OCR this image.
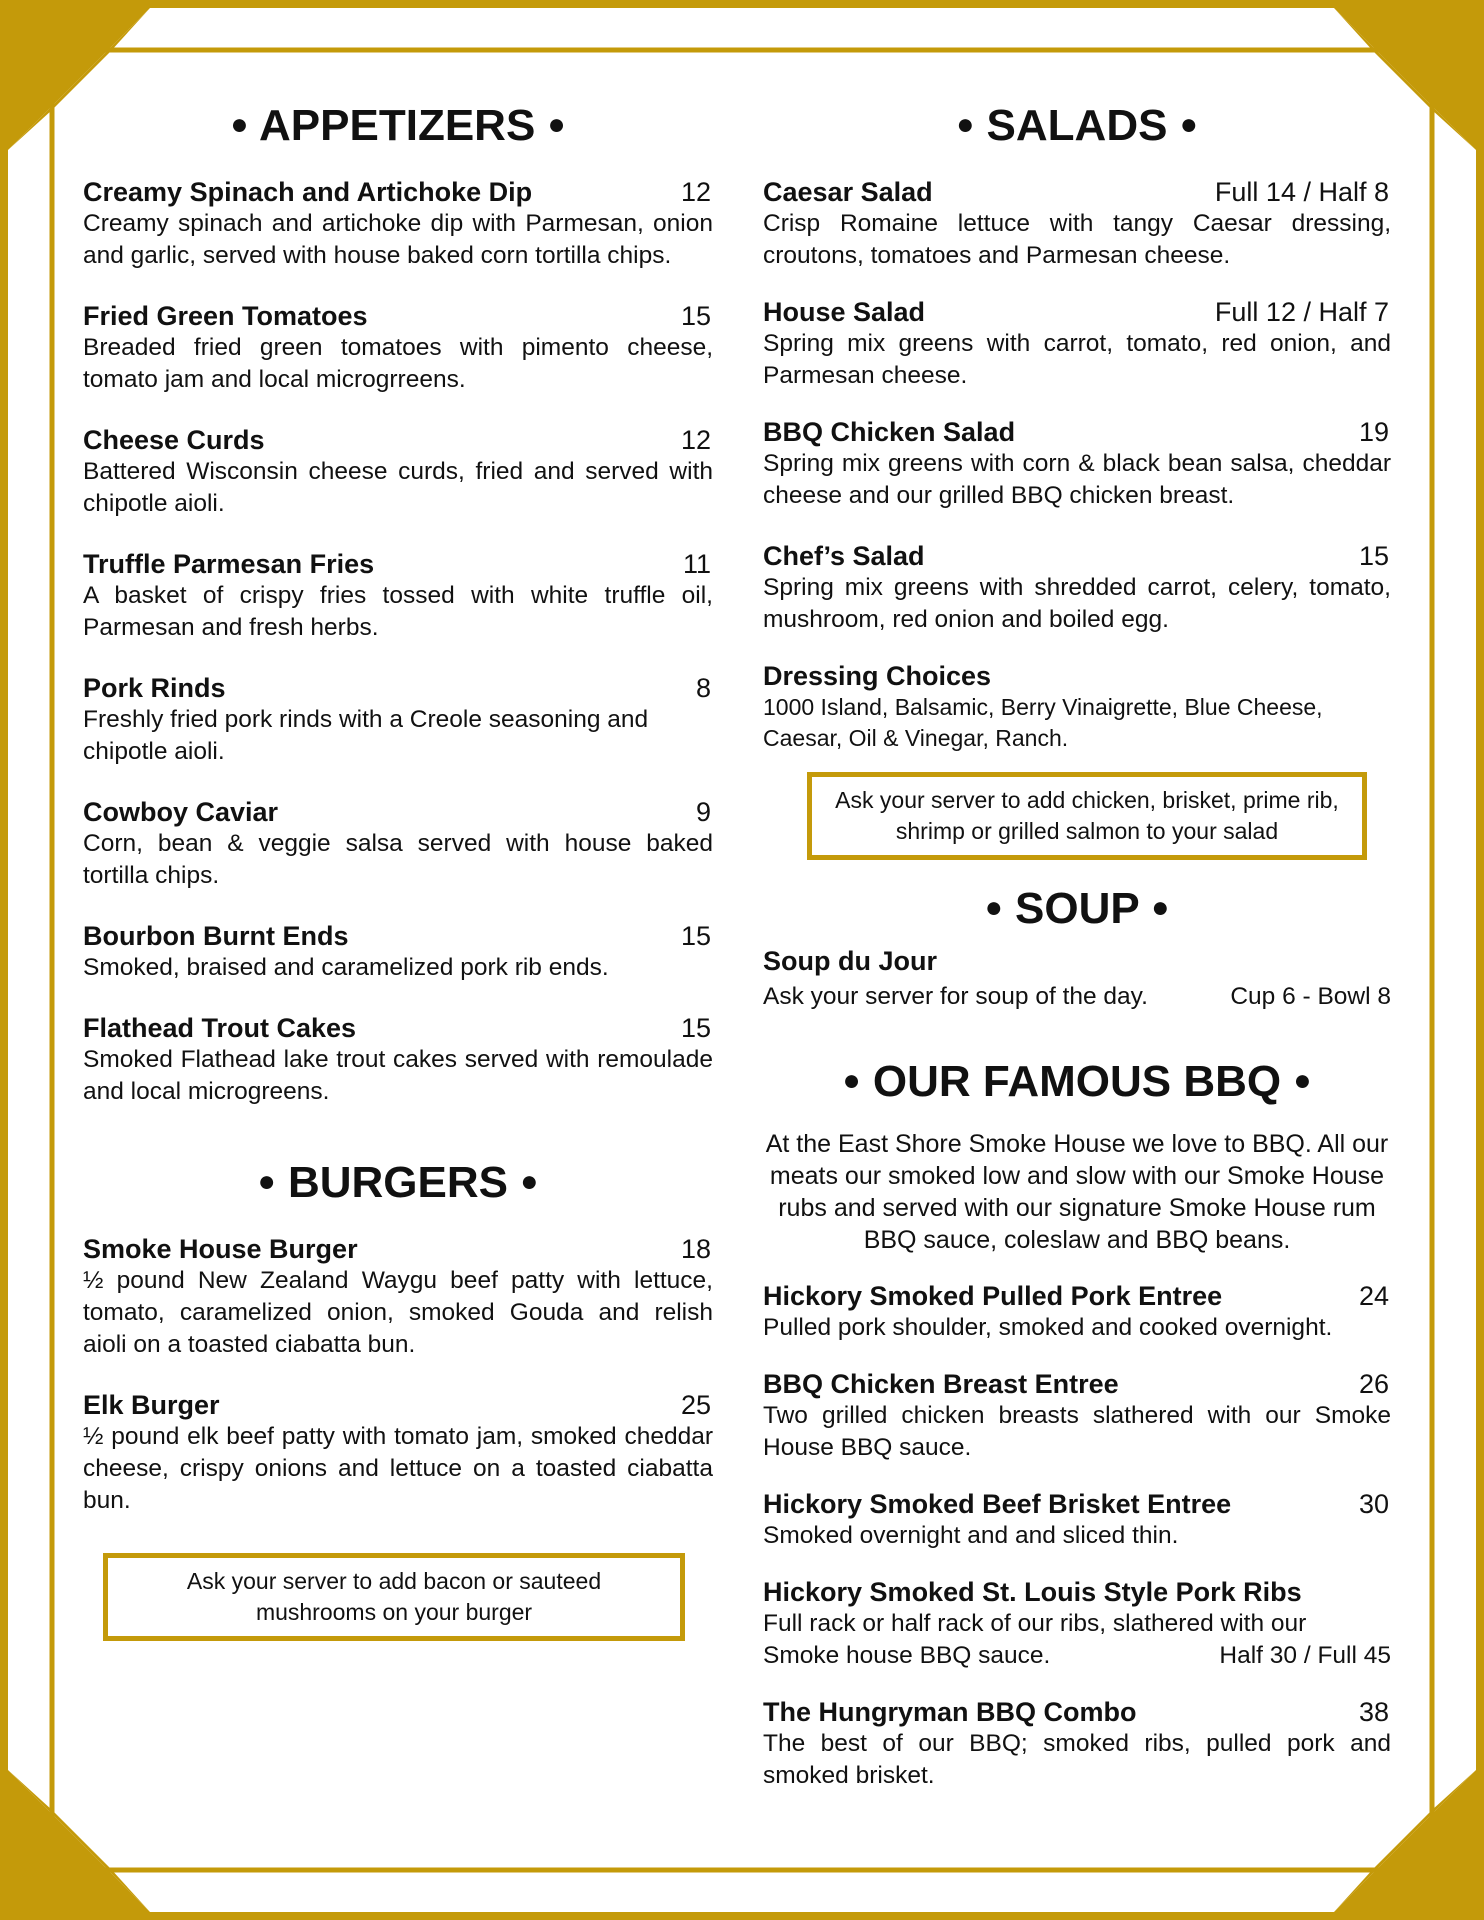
● APPETIZERS ●
Creamy Spinach and Artichoke Dip	12
Creamy spinach and artichoke dip with Parmesan, onion and garlic, served with house baked corn tortilla chips.
Fried Green Tomatoes	15
Breaded fried green tomatoes with pimento cheese, tomato jam and local microgrreens.
Cheese Curds	12
Battered Wisconsin cheese curds, fried and served with chipotle aioli.
Truffle Parmesan Fries	11
A basket of crispy fries tossed with white truffle oil, Parmesan and fresh herbs.
Pork Rinds	8
Freshly fried pork rinds with a Creole seasoning and chipotle aioli.
Cowboy Caviar	9
Corn, bean & veggie salsa served with house baked tortilla chips.
Bourbon Burnt Ends	15
Smoked, braised and caramelized pork rib ends.
Flathead Trout Cakes	15
Smoked Flathead lake trout cakes served with remoulade and local microgreens.
● BURGERS ●
Smoke House Burger	18
½ pound New Zealand Waygu beef patty with lettuce, tomato, caramelized onion, smoked Gouda and relish aioli on a toasted ciabatta bun.
Elk Burger	25
½ pound elk beef patty with tomato jam, smoked cheddar cheese, crispy onions and lettuce on a toasted ciabatta bun.
Ask your server to add bacon or sauteed mushrooms on your burger
● SALADS ●
Caesar Salad	Full 14 / Half 8
Crisp Romaine lettuce with tangy Caesar dressing, croutons, tomatoes and Parmesan cheese.
House Salad	Full 12 / Half 7
Spring mix greens with carrot, tomato, red onion, and Parmesan cheese.
BBQ Chicken Salad	19
Spring mix greens with corn & black bean salsa, cheddar cheese and our grilled BBQ chicken breast.
Chef’s Salad	15
Spring mix greens with shredded carrot, celery, tomato, mushroom, red onion and boiled egg.
Dressing Choices
1000 Island, Balsamic, Berry Vinaigrette, Blue Cheese, Caesar, Oil & Vinegar, Ranch.
Ask your server to add chicken, brisket, prime rib, shrimp or grilled salmon to your salad
● SOUP ●
Soup du Jour
Ask your server for soup of the day.	Cup 6 - Bowl 8
● OUR FAMOUS BBQ ●
At the East Shore Smoke House we love to BBQ. All our meats our smoked low and slow with our Smoke House rubs and served with our signature Smoke House rum BBQ sauce, coleslaw and BBQ beans.
Hickory Smoked Pulled Pork Entree	24
Pulled pork shoulder, smoked and cooked overnight.
BBQ Chicken Breast Entree	26
Two grilled chicken breasts slathered with our Smoke House BBQ sauce.
Hickory Smoked Beef Brisket Entree	30
Smoked overnight and and sliced thin.
Hickory Smoked St. Louis Style Pork Ribs
Full rack or half rack of our ribs, slathered with our
Smoke house BBQ sauce.	Half 30 / Full 45
The Hungryman BBQ Combo	38
The best of our BBQ; smoked ribs, pulled pork and smoked brisket.
